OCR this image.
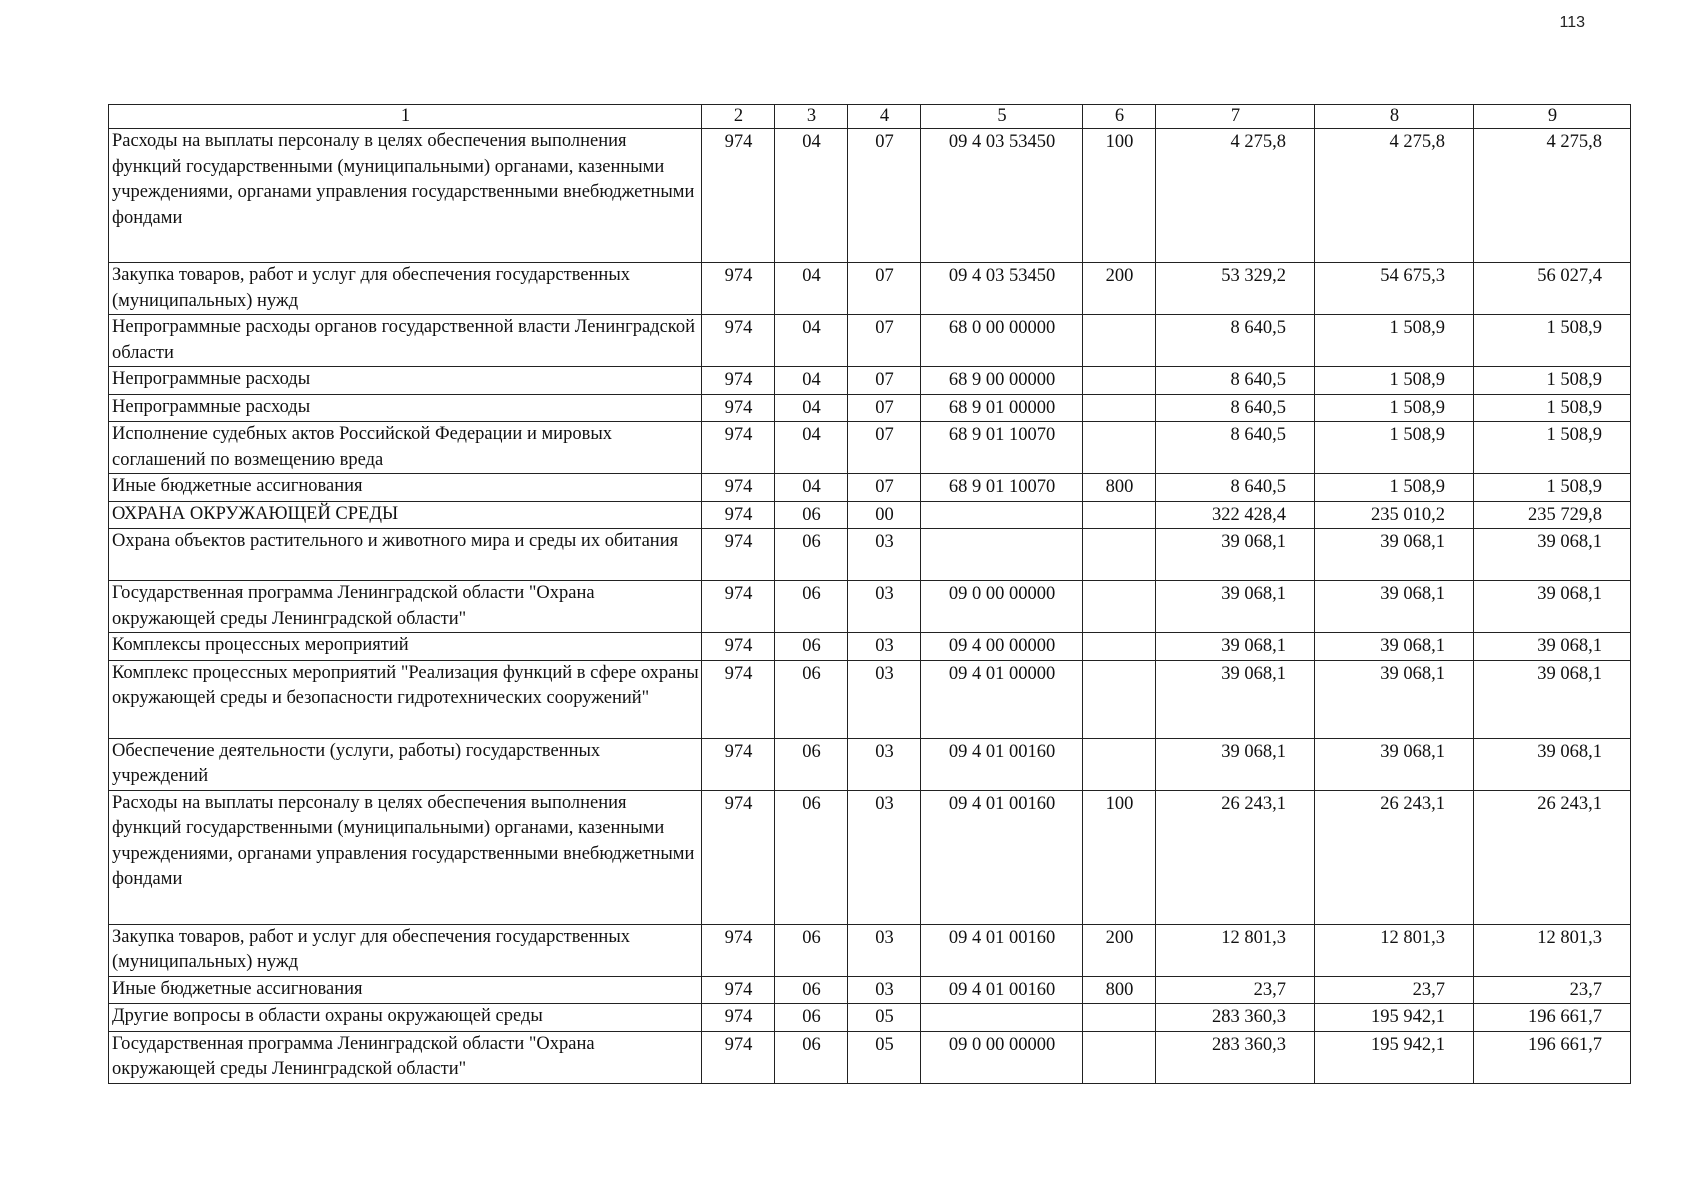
113
1	2	3	4	5	6	7	8	9
Расходы на выплаты персоналу в целях обеспечения выполнения функций государственными (муниципальными) органами, казенными учреждениями, органами управления государственными внебюджетными фондами	974	04	07	09 4 03 53450	100	4 275,8	4 275,8	4 275,8
Закупка товаров, работ и услуг для обеспечения государственных (муниципальных) нужд	974	04	07	09 4 03 53450	200	53 329,2	54 675,3	56 027,4
Непрограммные расходы органов государственной власти Ленинградской области	974	04	07	68 0 00 00000		8 640,5	1 508,9	1 508,9
Непрограммные расходы	974	04	07	68 9 00 00000		8 640,5	1 508,9	1 508,9
Непрограммные расходы	974	04	07	68 9 01 00000		8 640,5	1 508,9	1 508,9
Исполнение судебных актов Российской Федерации и мировых соглашений по возмещению вреда	974	04	07	68 9 01 10070		8 640,5	1 508,9	1 508,9
Иные бюджетные ассигнования	974	04	07	68 9 01 10070	800	8 640,5	1 508,9	1 508,9
ОХРАНА ОКРУЖАЮЩЕЙ СРЕДЫ	974	06	00			322 428,4	235 010,2	235 729,8
Охрана объектов растительного и животного мира и среды их обитания	974	06	03			39 068,1	39 068,1	39 068,1
Государственная программа Ленинградской области "Охрана окружающей среды Ленинградской области"	974	06	03	09 0 00 00000		39 068,1	39 068,1	39 068,1
Комплексы процессных мероприятий	974	06	03	09 4 00 00000		39 068,1	39 068,1	39 068,1
Комплекс процессных мероприятий "Реализация функций в сфере охраны окружающей среды и безопасности гидротехнических сооружений"	974	06	03	09 4 01 00000		39 068,1	39 068,1	39 068,1
Обеспечение деятельности (услуги, работы) государственных учреждений	974	06	03	09 4 01 00160		39 068,1	39 068,1	39 068,1
Расходы на выплаты персоналу в целях обеспечения выполнения функций государственными (муниципальными) органами, казенными учреждениями, органами управления государственными внебюджетными фондами	974	06	03	09 4 01 00160	100	26 243,1	26 243,1	26 243,1
Закупка товаров, работ и услуг для обеспечения государственных (муниципальных) нужд	974	06	03	09 4 01 00160	200	12 801,3	12 801,3	12 801,3
Иные бюджетные ассигнования	974	06	03	09 4 01 00160	800	23,7	23,7	23,7
Другие вопросы в области охраны окружающей среды	974	06	05			283 360,3	195 942,1	196 661,7
Государственная программа Ленинградской области "Охрана окружающей среды Ленинградской области"	974	06	05	09 0 00 00000		283 360,3	195 942,1	196 661,7
